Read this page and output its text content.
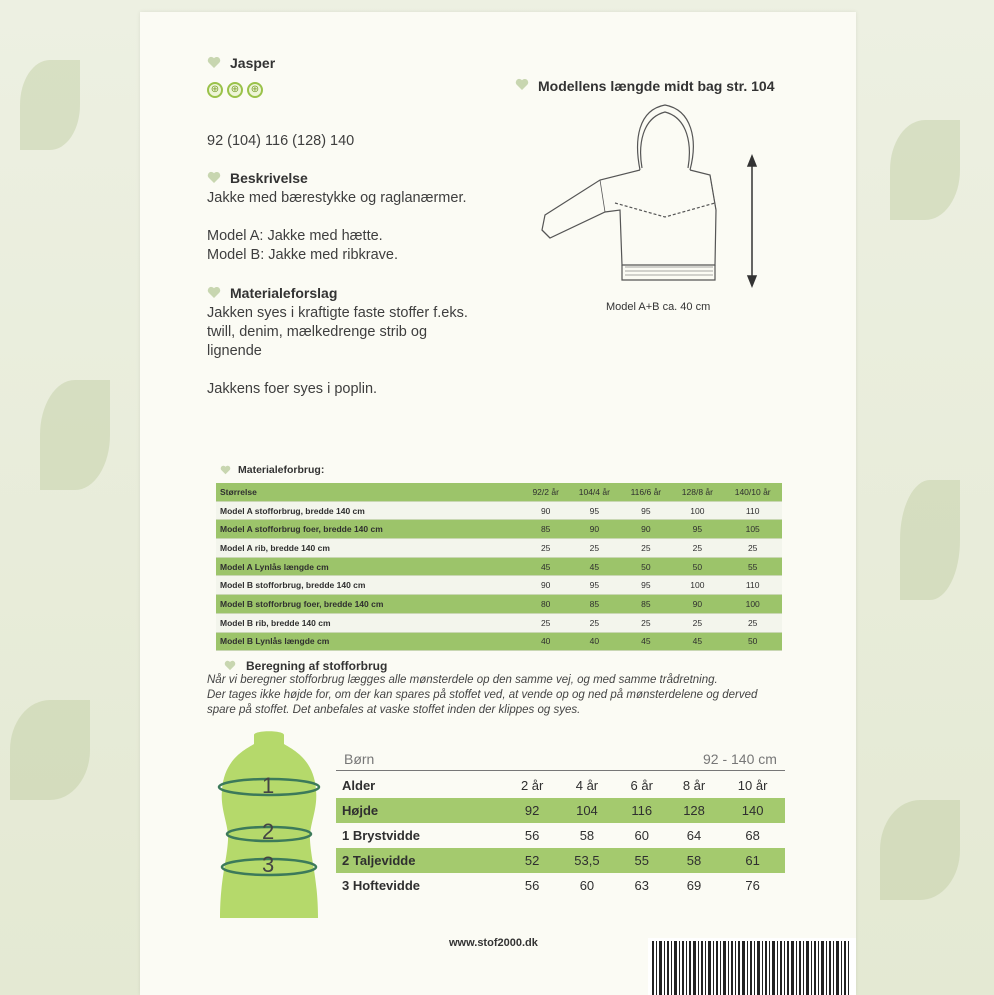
Jasper
⊕ ⊕ ⊕
92 (104) 116 (128) 140
Beskrivelse
Jakke med bærestykke og raglanærmer.
Model A: Jakke med hætte.
Model B: Jakke med ribkrave.
Materialeforslag
Jakken syes i kraftigte faste stoffer f.eks.
twill, denim, mælkedrenge strib og
lignende
Jakkens foer syes i poplin.
Modellens længde midt bag str. 104
Model A+B ca. 40 cm
Materialeforbrug:
Størrelse	92/2 år	104/4 år	116/6 år	128/8 år	140/10 år
Model A stofforbrug, bredde 140 cm	90	95	95	100	110
Model A stofforbrug foer, bredde 140 cm	85	90	90	95	105
Model A rib, bredde 140 cm	25	25	25	25	25
Model A Lynlås længde cm	45	45	50	50	55
Model B stofforbrug, bredde 140 cm	90	95	95	100	110
Model B stofforbrug foer, bredde 140 cm	80	85	85	90	100
Model B rib, bredde 140 cm	25	25	25	25	25
Model B Lynlås længde cm	40	40	45	45	50
Beregning af stofforbrug
Når vi beregner stofforbrug lægges alle mønsterdele op den samme vej, og med samme trådretning.
Der tages ikke højde for, om der kan spares på stoffet ved, at vende op og ned på mønsterdelene og derved
spare på stoffet. Det anbefales at vaske stoffet inden der klippes og syes.
1
2
3
Børn	92 - 140 cm
Alder	2 år	4 år	6 år	8 år	10 år
Højde	92	104	116	128	140
1 Brystvidde	56	58	60	64	68
2 Taljevidde	52	53,5	55	58	61
3 Hoftevidde	56	60	63	69	76
www.stof2000.dk
